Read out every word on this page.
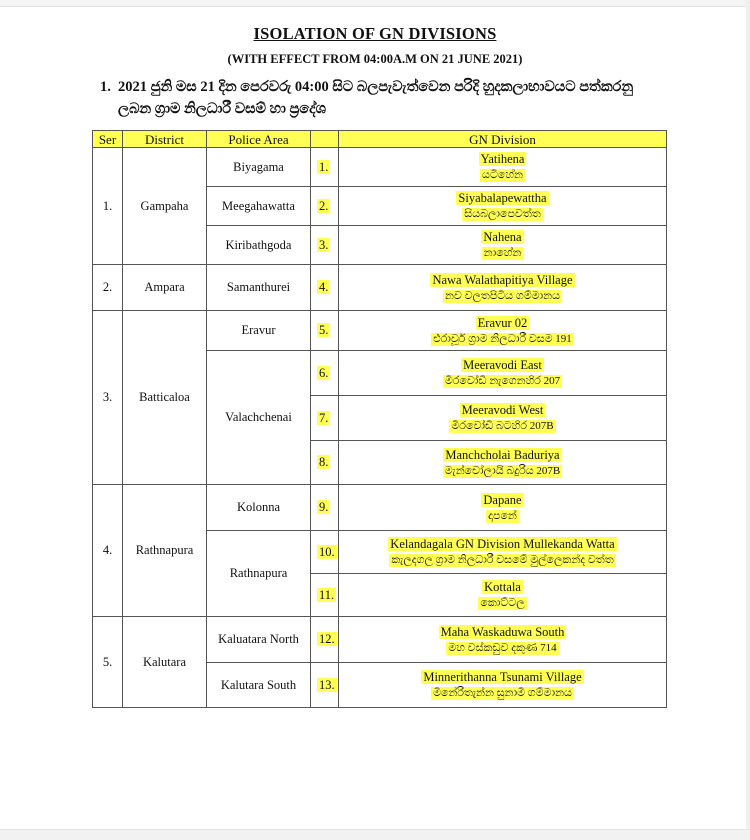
ISOLATION OF GN DIVISIONS
(WITH EFFECT FROM 04:00A.M ON 21 JUNE 2021)
1. 2021 ජුනි මස 21 දින පෙරවරු 04:00 සිට බලපැවැත්වෙන පරිදි හුදකලාභාවයට පත්කරනු
ලබන ග්‍රාම නිලධාරී වසම් හා ප්‍රදේශ
Ser	District	Police Area		GN Division
1.	Gampaha	Biyagama	1.	Yatihena
යටිහේන
		Meegahawatta	2.	Siyabalapewattha
සියබලාපෙවත්ත
		Kiribathgoda	3.	Nahena
නාහේන
2.	Ampara	Samanthurei	4.	Nawa Walathapitiya Village
නව වලතපිටිය ගම්මානය
3.	Batticaloa	Eravur	5.	Eravur 02
එරාවූර් ග්‍රාම නිලධාරී වසම 191
		Valachchenai	6.	Meeravodi East
මීරවෝඩි නැගෙනහිර 207
			7.	Meeravodi West
මීරවෝඩි බටහිර 207B
			8.	Manchcholai Baduriya
මැන්චෝලායි බදුරිය 207B
4.	Rathnapura	Kolonna	9.	Dapane
දාපනේ
		Rathnapura	10.	Kelandagala GN Division Mullekanda Watta
කැලදගල ග්‍රාම නිලධාරී වසමේ මුල්ලෙකන්ද වත්ත
			11.	Kottala
කොට්ටල
5.	Kalutara	Kaluatara North	12.	Maha Waskaduwa South
මහ වස්කඩුව දකුණ 714
		Kalutara South	13.	Minnerithanna Tsunami Village
මිනේරිතැන්න සුනාමි ගම්මානය
